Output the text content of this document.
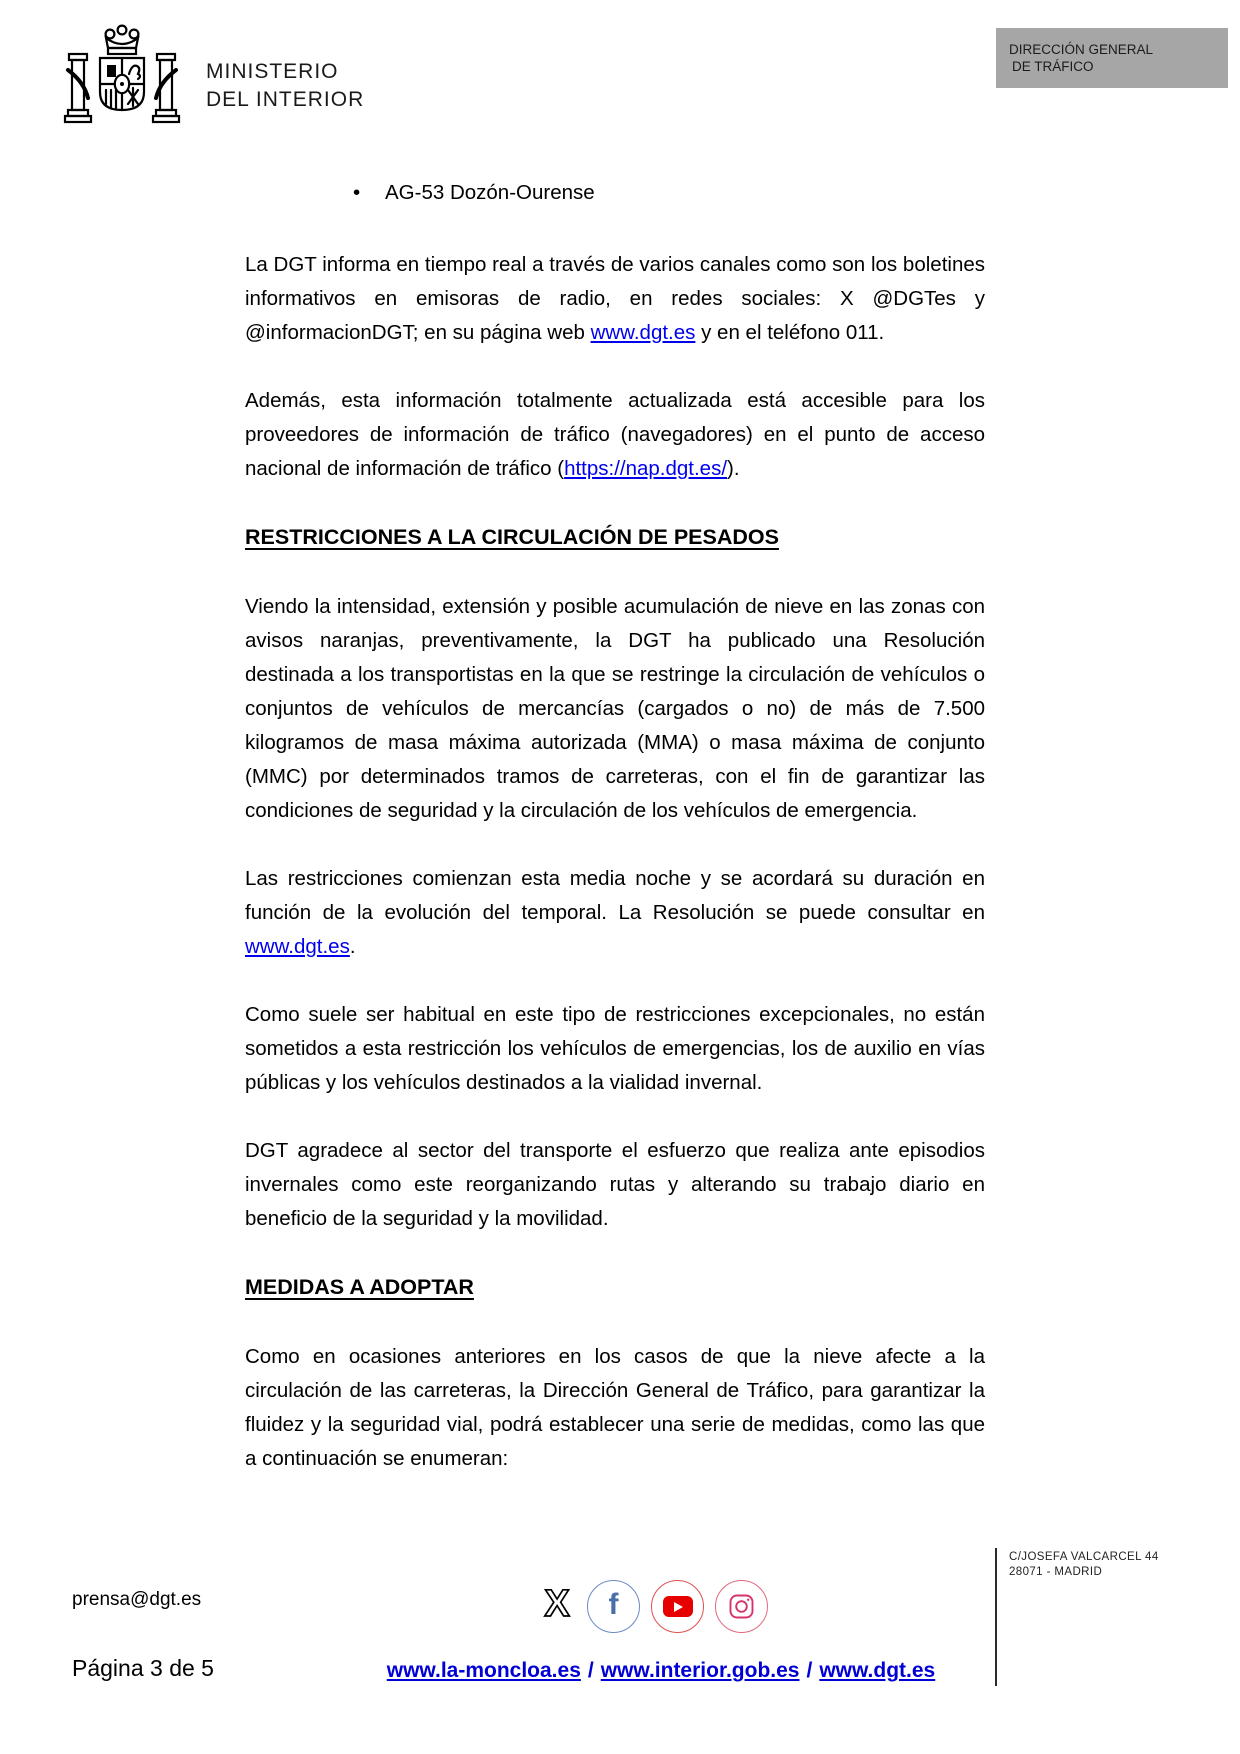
MINISTERIO
DEL INTERIOR
DIRECCIÓN GENERAL
DE TRÁFICO
•	AG-53 Dozón-Ourense
La DGT informa en tiempo real a través de varios canales como son los boletines informativos en emisoras de radio, en redes sociales: X @DGTes y @informacionDGT; en su página web www.dgt.es y en el teléfono 011.
Además, esta información totalmente actualizada está accesible para los proveedores de información de tráfico (navegadores) en el punto de acceso nacional de información de tráfico (https://nap.dgt.es/).
RESTRICCIONES A LA CIRCULACIÓN DE PESADOS
Viendo la intensidad, extensión y posible acumulación de nieve en las zonas con avisos naranjas, preventivamente, la DGT ha publicado una Resolución destinada a los transportistas en la que se restringe la circulación de vehículos o conjuntos de vehículos de mercancías (cargados o no) de más de 7.500 kilogramos de masa máxima autorizada (MMA) o masa máxima de conjunto (MMC) por determinados tramos de carreteras, con el fin de garantizar las condiciones de seguridad y la circulación de los vehículos de emergencia.
Las restricciones comienzan esta media noche y se acordará su duración en función de la evolución del temporal. La Resolución se puede consultar en www.dgt.es.
Como suele ser habitual en este tipo de restricciones excepcionales, no están sometidos a esta restricción los vehículos de emergencias, los de auxilio en vías públicas y los vehículos destinados a la vialidad invernal.
DGT agradece al sector del transporte el esfuerzo que realiza ante episodios invernales como este reorganizando rutas y alterando su trabajo diario en beneficio de la seguridad y la movilidad.
MEDIDAS A ADOPTAR
Como en ocasiones anteriores en los casos de que la nieve afecte a la circulación de las carreteras, la Dirección General de Tráfico, para garantizar la fluidez y la seguridad vial, podrá establecer una serie de medidas, como las que a continuación se enumeran:
prensa@dgt.es
Página 3 de 5
X f
www.la-moncloa.es / www.interior.gob.es / www.dgt.es
C/JOSEFA VALCARCEL 44
28071 - MADRID
